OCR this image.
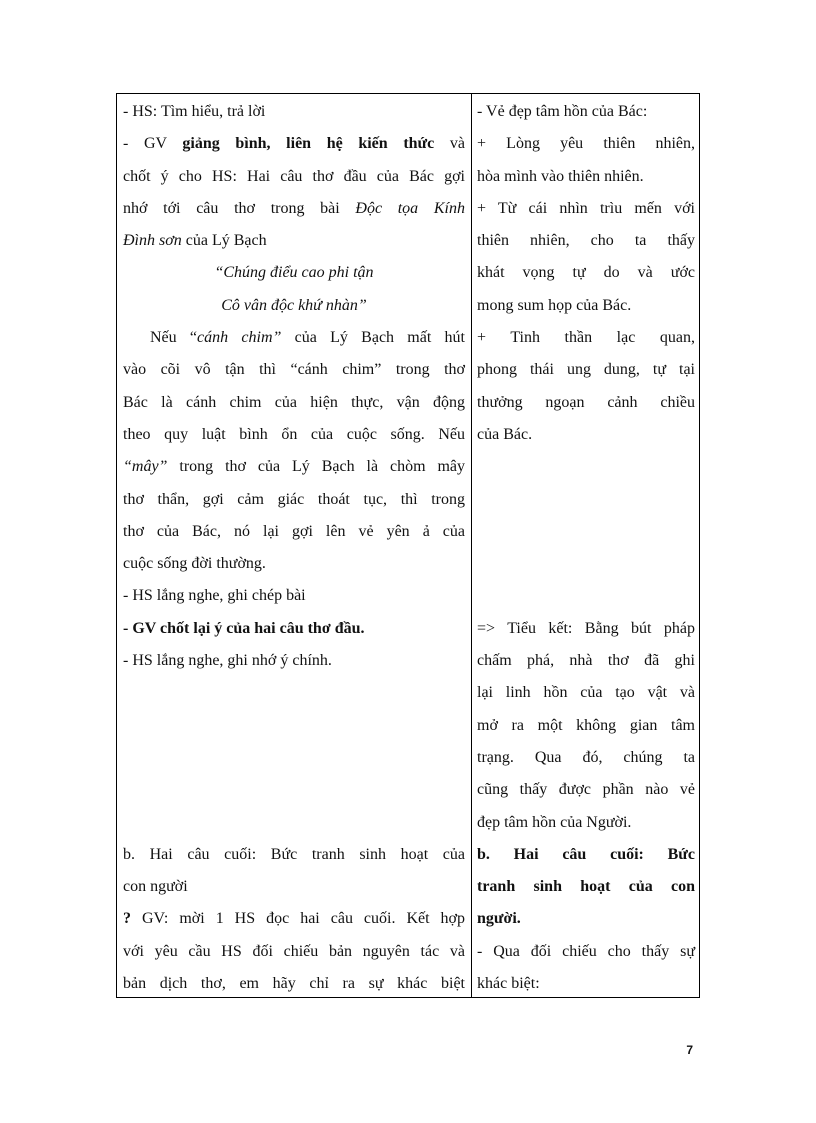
- HS: Tìm hiểu, trả lời
- GV giảng bình, liên hệ kiến thức và
chốt ý cho HS: Hai câu thơ đầu của Bác gợi
nhớ tới câu thơ trong bài Độc tọa Kính
Đình sơn của Lý Bạch
“Chúng điểu cao phi tận
Cô vân độc khứ nhàn”
Nếu “cánh chim” của Lý Bạch mất hút
vào cõi vô tận thì “cánh chim” trong thơ
Bác là cánh chim của hiện thực, vận động
theo quy luật bình ổn của cuộc sống. Nếu
“mây” trong thơ của Lý Bạch là chòm mây
thơ thẩn, gợi cảm giác thoát tục, thì trong
thơ của Bác, nó lại gợi lên vẻ yên ả của
cuộc sống đời thường.
- HS lắng nghe, ghi chép bài
- GV chốt lại ý của hai câu thơ đầu.
- HS lắng nghe, ghi nhớ ý chính.
b. Hai câu cuối: Bức tranh sinh hoạt của
con người
? GV: mời 1 HS đọc hai câu cuối. Kết hợp
với yêu cầu HS đối chiếu bản nguyên tác và
bản dịch thơ, em hãy chỉ ra sự khác biệt
- Vẻ đẹp tâm hồn của Bác:
+ Lòng yêu thiên nhiên,
hòa mình vào thiên nhiên.
+ Từ cái nhìn trìu mến với
thiên nhiên, cho ta thấy
khát vọng tự do và ước
mong sum họp của Bác.
+ Tinh thần lạc quan,
phong thái ung dung, tự tại
thưởng ngoạn cảnh chiều
của Bác.
=> Tiểu kết: Bằng bút pháp
chấm phá, nhà thơ đã ghi
lại linh hồn của tạo vật và
mở ra một không gian tâm
trạng. Qua đó, chúng ta
cũng thấy được phần nào vẻ
đẹp tâm hồn của Người.
b. Hai câu cuối: Bức
tranh sinh hoạt của con
người.
- Qua đối chiếu cho thấy sự
khác biệt:
7
